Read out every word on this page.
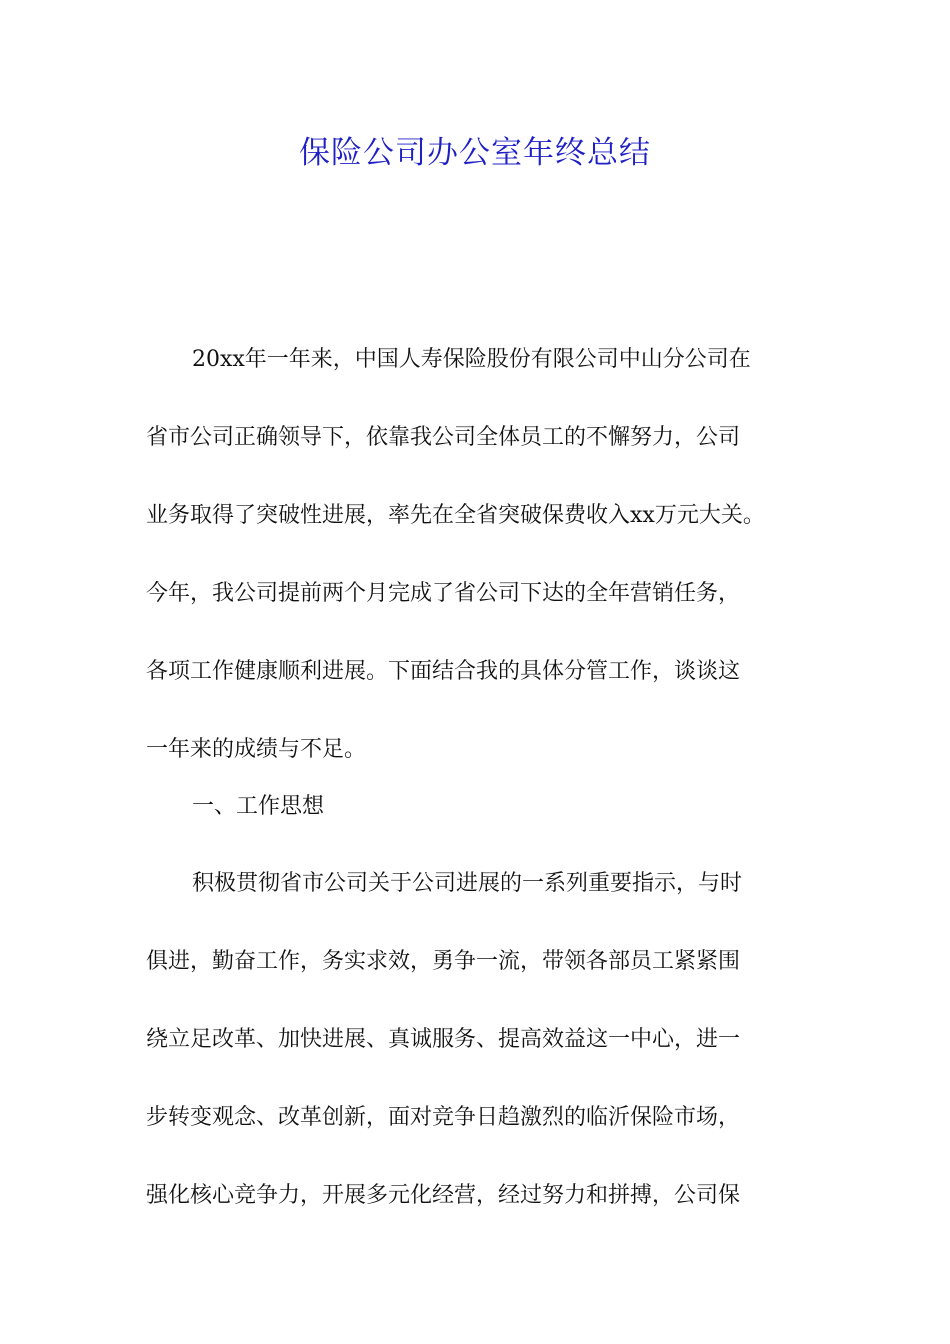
保险公司办公室年终总结
20xx年一年来，中国人寿保险股份有限公司中山分公司在
省市公司正确领导下，依靠我公司全体员工的不懈努力，公司
业务取得了突破性进展，率先在全省突破保费收入xx万元大关。
今年，我公司提前两个月完成了省公司下达的全年营销任务，
各项工作健康顺利进展。下面结合我的具体分管工作，谈谈这
一年来的成绩与不足。
一、工作思想
积极贯彻省市公司关于公司进展的一系列重要指示，与时
俱进，勤奋工作，务实求效，勇争一流，带领各部员工紧紧围
绕立足改革、加快进展、真诚服务、提高效益这一中心，进一
步转变观念、改革创新，面对竞争日趋激烈的临沂保险市场，
强化核心竞争力，开展多元化经营，经过努力和拼搏，公司保
